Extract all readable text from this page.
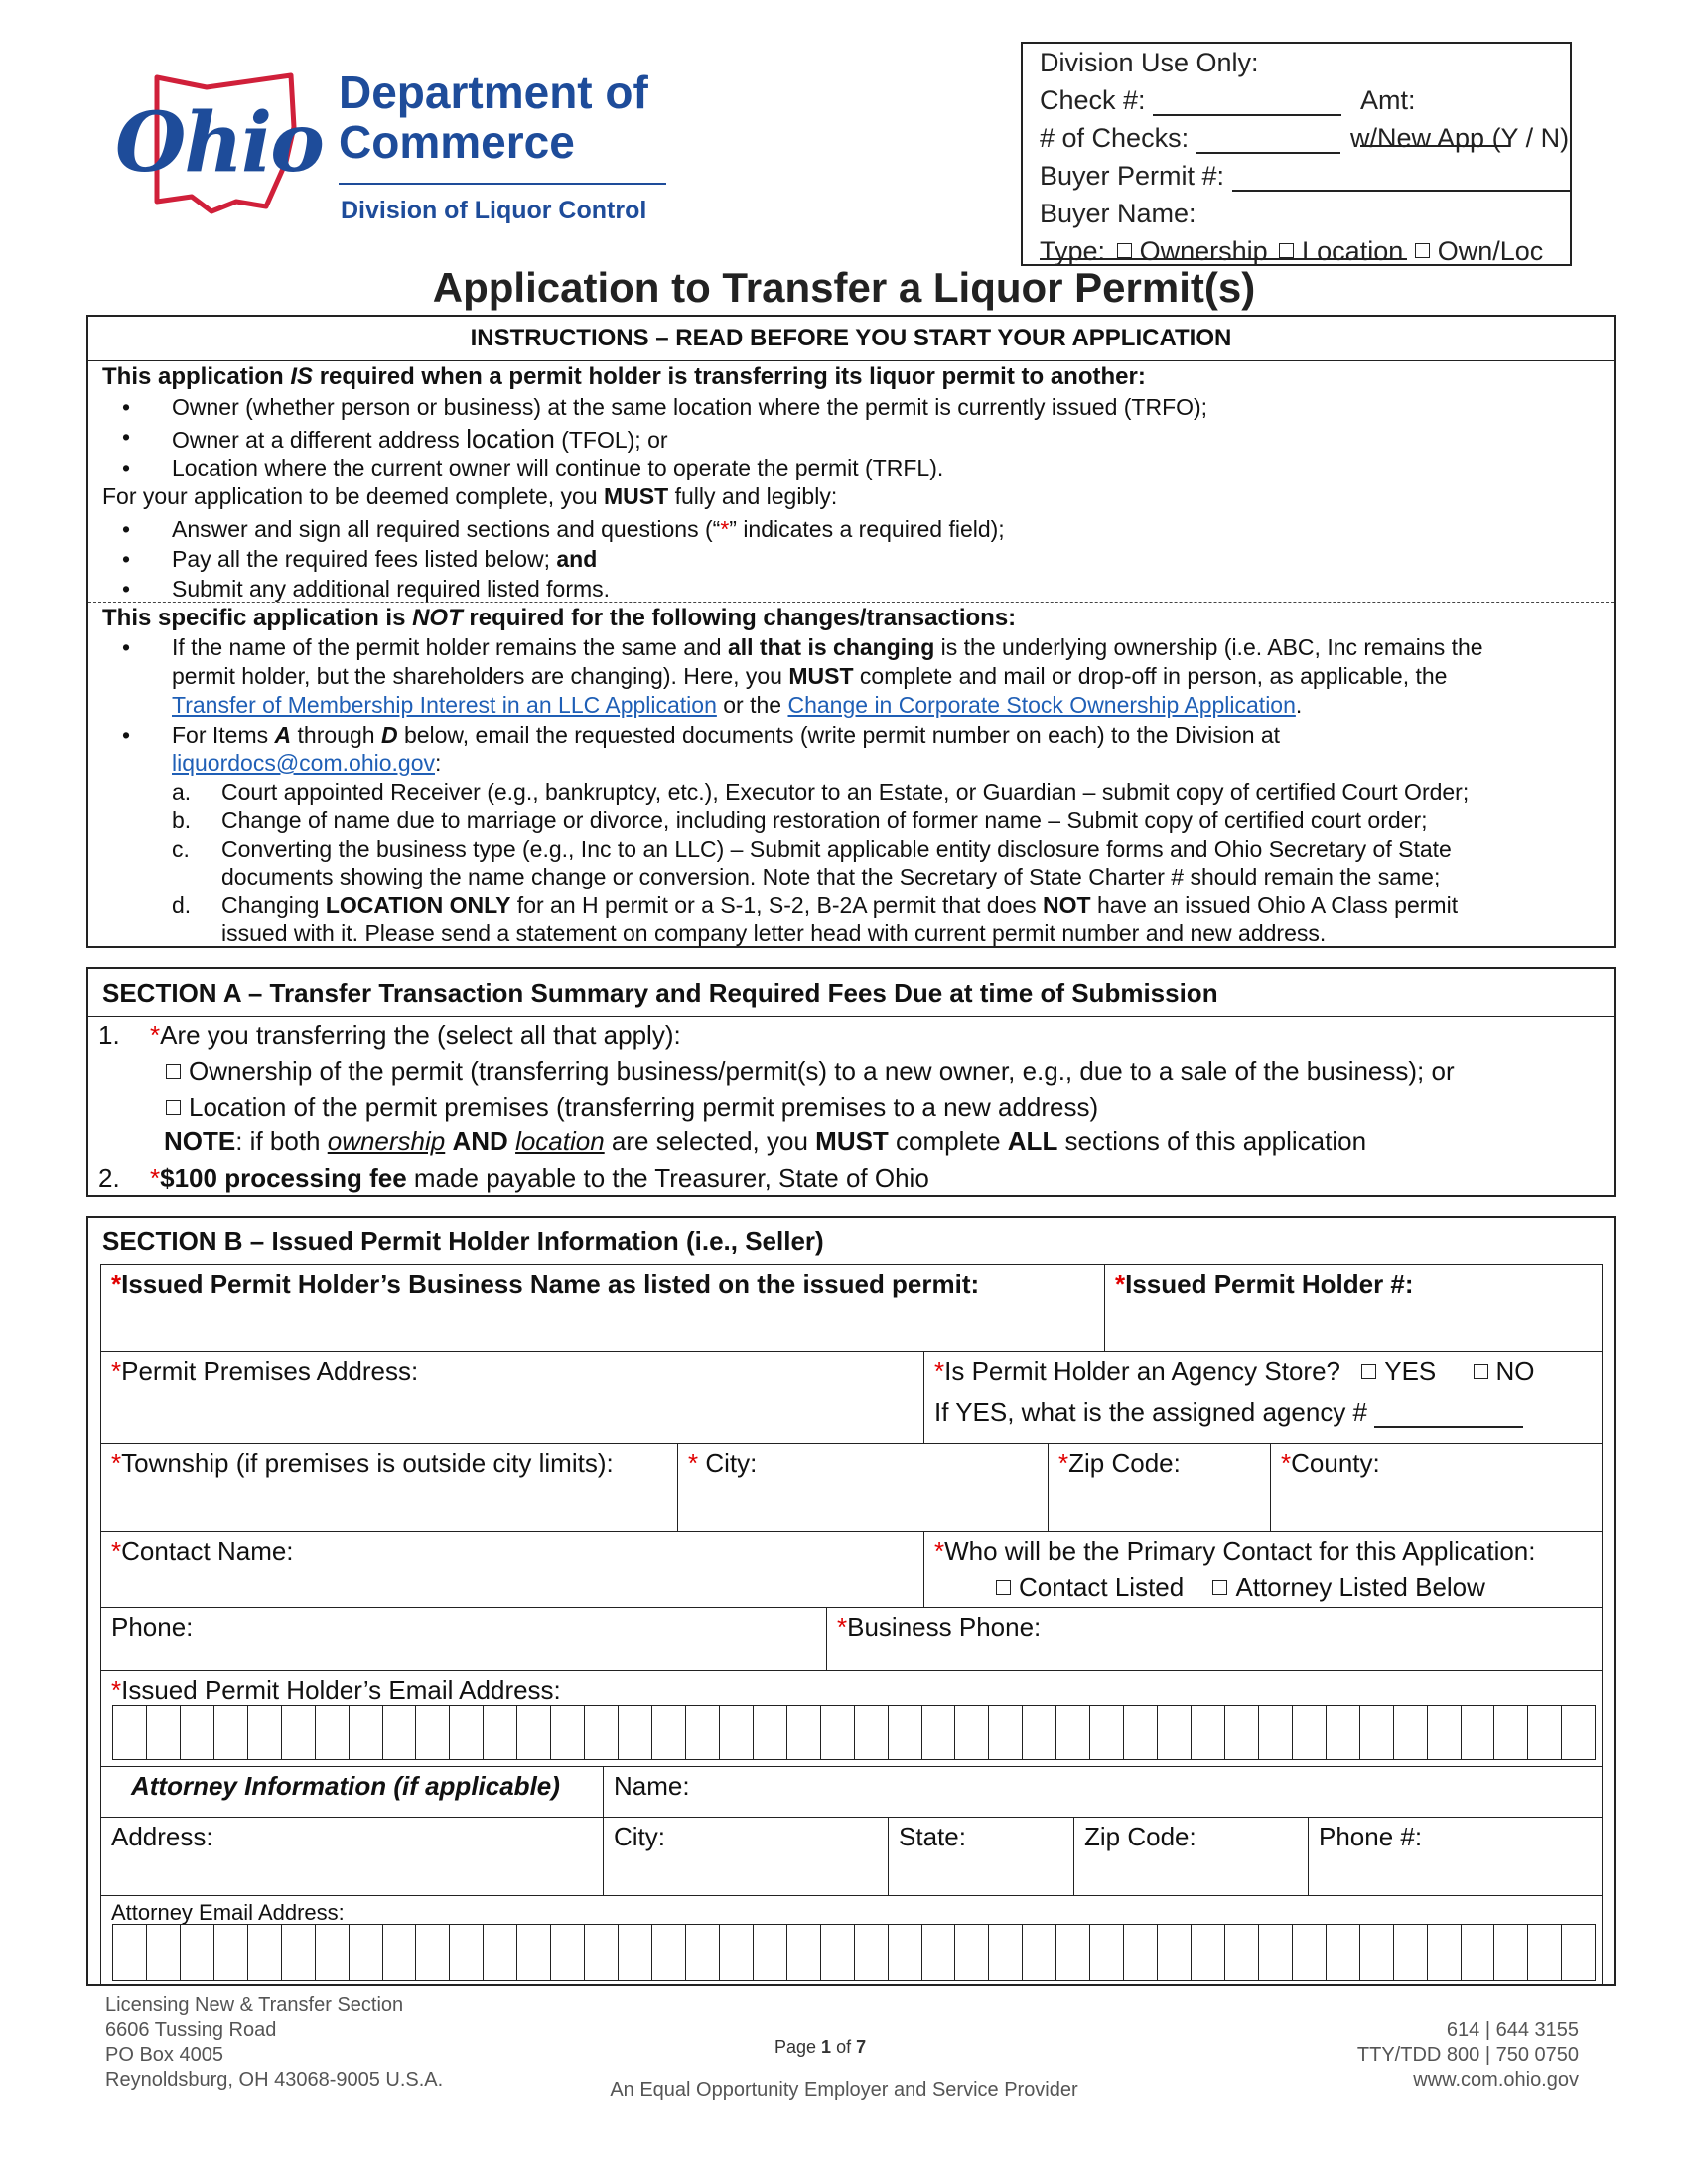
Ohio
Department of
Commerce
Division of Liquor Control
Division Use Only:
Check #:	Amt:
# of Checks:	w/New App (Y / N)
Buyer Permit #:
Buyer Name:
Type: Ownership Location Own/Loc
Application to Transfer a Liquor Permit(s)
INSTRUCTIONS – READ BEFORE YOU START YOUR APPLICATION
This application IS required when a permit holder is transferring its liquor permit to another:
• Owner (whether person or business) at the same location where the permit is currently issued (TRFO);
• Owner at a different address location (TFOL); or
• Location where the current owner will continue to operate the permit (TRFL).
For your application to be deemed complete, you MUST fully and legibly:
• Answer and sign all required sections and questions (“*” indicates a required field);
• Pay all the required fees listed below; and
• Submit any additional required listed forms.
This specific application is NOT required for the following changes/transactions:
• If the name of the permit holder remains the same and all that is changing is the underlying ownership (i.e. ABC, Inc remains the
permit holder, but the shareholders are changing). Here, you MUST complete and mail or drop-off in person, as applicable, the
Transfer of Membership Interest in an LLC Application or the Change in Corporate Stock Ownership Application.
• For Items A through D below, email the requested documents (write permit number on each) to the Division at
liquordocs@com.ohio.gov:
a. Court appointed Receiver (e.g., bankruptcy, etc.), Executor to an Estate, or Guardian – submit copy of certified Court Order;
b. Change of name due to marriage or divorce, including restoration of former name – Submit copy of certified court order;
c. Converting the business type (e.g., Inc to an LLC) – Submit applicable entity disclosure forms and Ohio Secretary of State
documents showing the name change or conversion. Note that the Secretary of State Charter # should remain the same;
d. Changing LOCATION ONLY for an H permit or a S-1, S-2, B-2A permit that does NOT have an issued Ohio A Class permit
issued with it. Please send a statement on company letter head with current permit number and new address.
SECTION A – Transfer Transaction Summary and Required Fees Due at time of Submission
1. *Are you transferring the (select all that apply):
Ownership of the permit (transferring business/permit(s) to a new owner, e.g., due to a sale of the business); or
Location of the permit premises (transferring permit premises to a new address)
NOTE: if both ownership AND location are selected, you MUST complete ALL sections of this application
2. *$100 processing fee made payable to the Treasurer, State of Ohio
SECTION B – Issued Permit Holder Information (i.e., Seller)
*Issued Permit Holder’s Business Name as listed on the issued permit:	*Issued Permit Holder #:
*Permit Premises Address:	*Is Permit Holder an Agency Store? YES NO
If YES, what is the assigned agency #
*Township (if premises is outside city limits):	* City:	*Zip Code:	*County:
*Contact Name:	*Who will be the Primary Contact for this Application:
Contact Listed Attorney Listed Below
Phone:	*Business Phone:
*Issued Permit Holder’s Email Address:
Attorney Information (if applicable)	Name:
Address:	City:	State:	Zip Code:	Phone #:
Attorney Email Address:
Licensing New & Transfer Section
6606 Tussing Road
PO Box 4005
Reynoldsburg, OH 43068-9005 U.S.A.
Page 1 of 7
614 | 644 3155
TTY/TDD 800 | 750 0750
www.com.ohio.gov
An Equal Opportunity Employer and Service Provider
